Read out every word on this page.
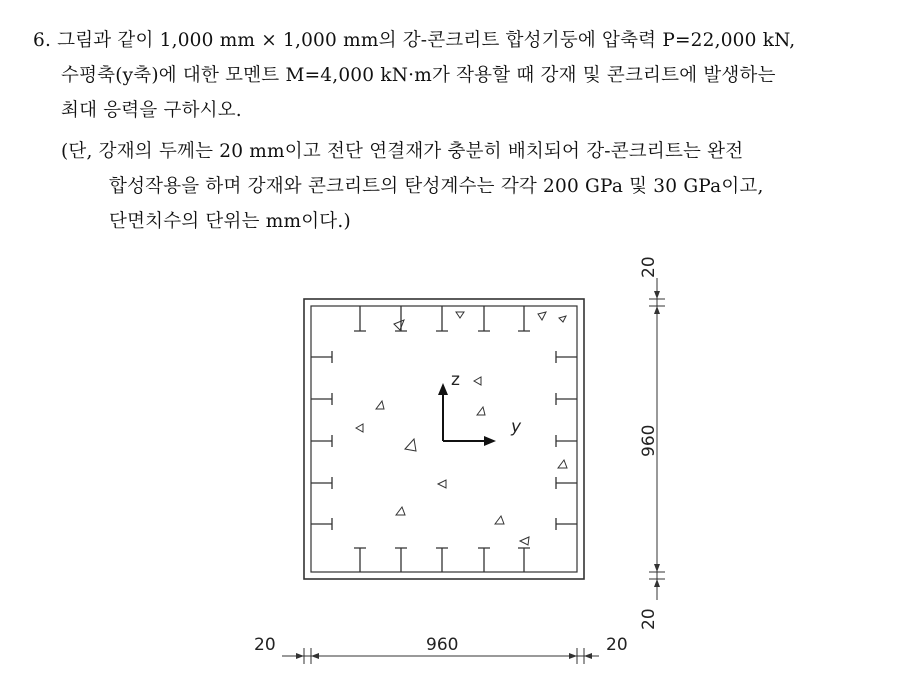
6. 그림과 같이 1,000 mm × 1,000 mm의 강-콘크리트 합성기둥에 압축력 P=22,000 kN,
수평축(y축)에 대한 모멘트 M=4,000 kN·m가 작용할 때 강재 및 콘크리트에 발생하는
최대 응력을 구하시오.
(단, 강재의 두께는 20 mm이고 전단 연결재가 충분히 배치되어 강-콘크리트는 완전
합성작용을 하며 강재와 콘크리트의 탄성계수는 각각 200 GPa 및 30 GPa이고,
단면치수의 단위는 mm이다.)
z
y
20	960	20
20
960
20
